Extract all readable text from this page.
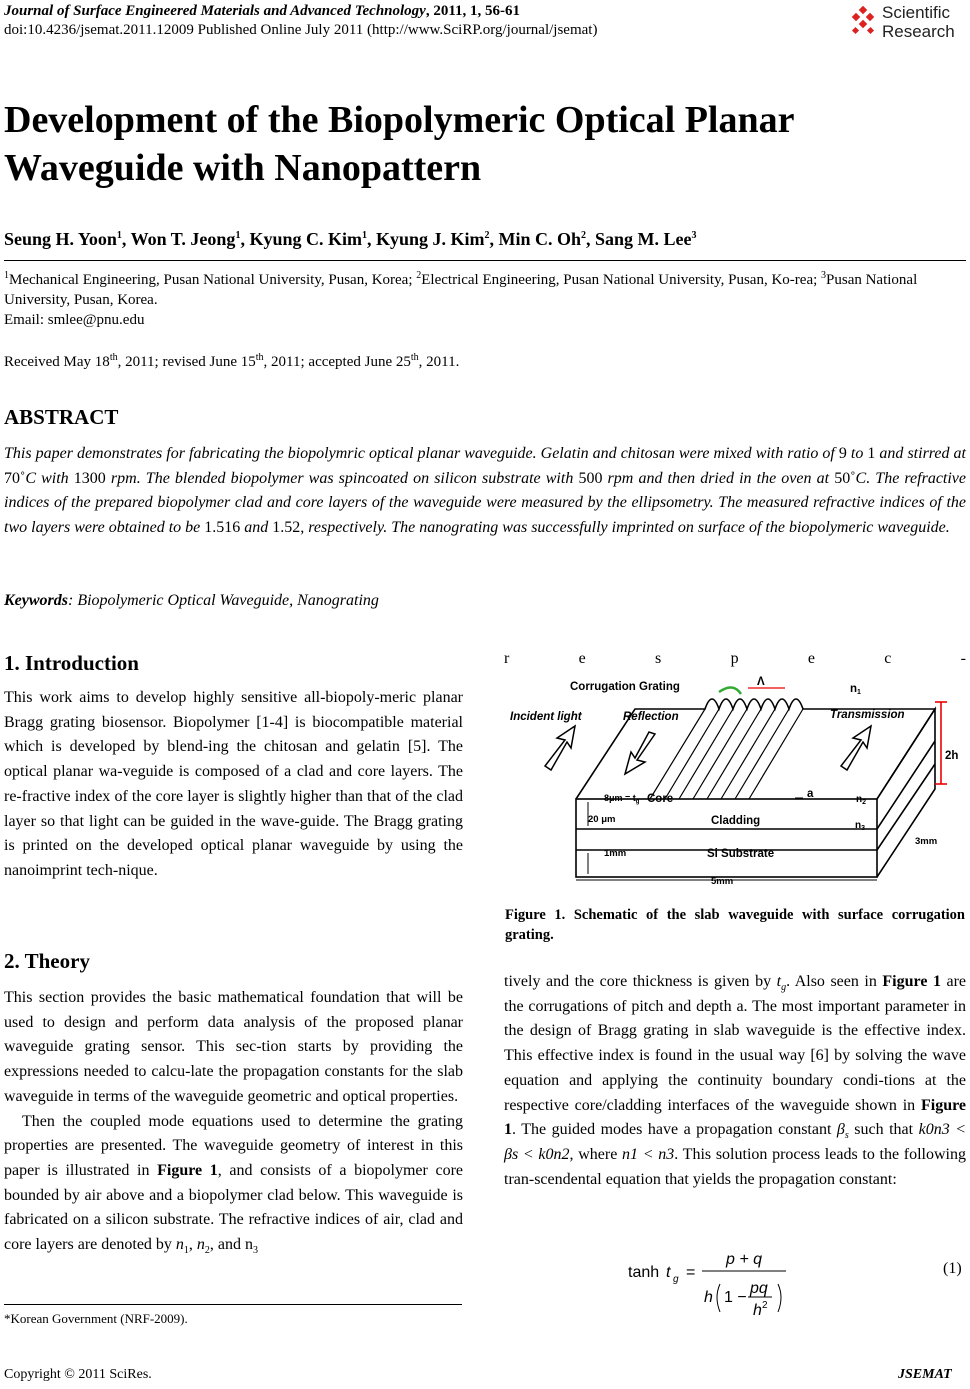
Journal of Surface Engineered Materials and Advanced Technology, 2011, 1, 56-61
doi:10.4236/jsemat.2011.12009 Published Online July 2011 (http://www.SciRP.org/journal/jsemat)
Scientific
Research
Development of the Biopolymeric Optical Planar Waveguide with Nanopattern
Seung H. Yoon$^1$, Won T. Jeong$^1$, Kyung C. Kim$^1$, Kyung J. Kim$^2$, Min C. Oh$^2$, Sang M. Lee$^3$
$^1$Mechanical Engineering, Pusan National University, Pusan, Korea; $^2$Electrical Engineering, Pusan National University, Pusan, Ko-rea; $^3$Pusan National University, Pusan, Korea.
Email: smlee@pnu.edu
Received May 18th, 2011; revised June 15th, 2011; accepted June 25th, 2011.
ABSTRACT
This paper demonstrates for fabricating the biopolymric optical planar waveguide. Gelatin and chitosan were mixed with ratio of 9 to 1 and stirred at 70˚C with 1300 rpm. The blended biopolymer was spincoated on silicon substrate with 500 rpm and then dried in the oven at 50˚C. The refractive indices of the prepared biopolymer clad and core layers of the waveguide were measured by the ellipsometry. The measured refractive indices of the two layers were obtained to be 1.516 and 1.52, respectively. The nanograting was successfully imprinted on surface of the biopolymeric waveguide.
Keywords: Biopolymeric Optical Waveguide, Nanograting
1. Introduction

This work aims to develop highly sensitive all-biopoly-meric planar Bragg grating biosensor. Biopolymer [1-4] is biocompatible material which is developed by blend-ing the chitosan and gelatin [5]. The optical planar wa-veguide is composed of a clad and core layers. The re-fractive index of the core layer is slightly higher than that of the clad layer so that light can be guided in the wave-guide. The Bragg grating is printed on the developed optical planar waveguide by using the nanoimprint tech-nique.

2. Theory

This section provides the basic mathematical foundation that will be used to design and perform data analysis of the proposed planar waveguide grating sensor. This sec-tion starts by providing the expressions needed to calcu-late the propagation constants for the slab waveguide in terms of the waveguide geometric and optical properties.

Then the coupled mode equations used to determine the grating properties are presented. The waveguide geometry of interest in this paper is illustrated in Figure 1, and consists of a biopolymer core bounded by air above and a biopolymer clad below. This waveguide is fabricated on a silicon substrate. The refractive indices of air, clad and core layers are denoted by $n_1$, $n_2$, and $n_3$

*Korean Government (NRF-2009).
r	e	s	p	e	c	-
Corrugation Grating	Λ
n1
Incident light	Reflection	Transmission
2h
$8\mu m = t_g$ Core	a	$n_2$
20 μm	Cladding	$n_3$
1mm	Si Substrate
3mm
5mm
Figure 1. Schematic of the slab waveguide with surface corrugation grating.

tively and the core thickness is given by $t_g$. Also seen in Figure 1 are the corrugations of pitch and depth a. The most important parameter in the design of Bragg grating in slab waveguide is the effective index. This effective index is found in the usual way [6] by solving the wave equation and applying the continuity boundary condi-tions at the respective core/cladding interfaces of the waveguide shown in Figure 1. The guided modes have a propagation constant $\beta_s$ such that k0n3 < βs < k0n2, where n1 < n3. This solution process leads to the following tran-scendental equation that yields the propagation constant:

tanh t g =
p + q
h 1 −
pq
h 2
(1)
Copyright © 2011 SciRes.	JSEMAT
